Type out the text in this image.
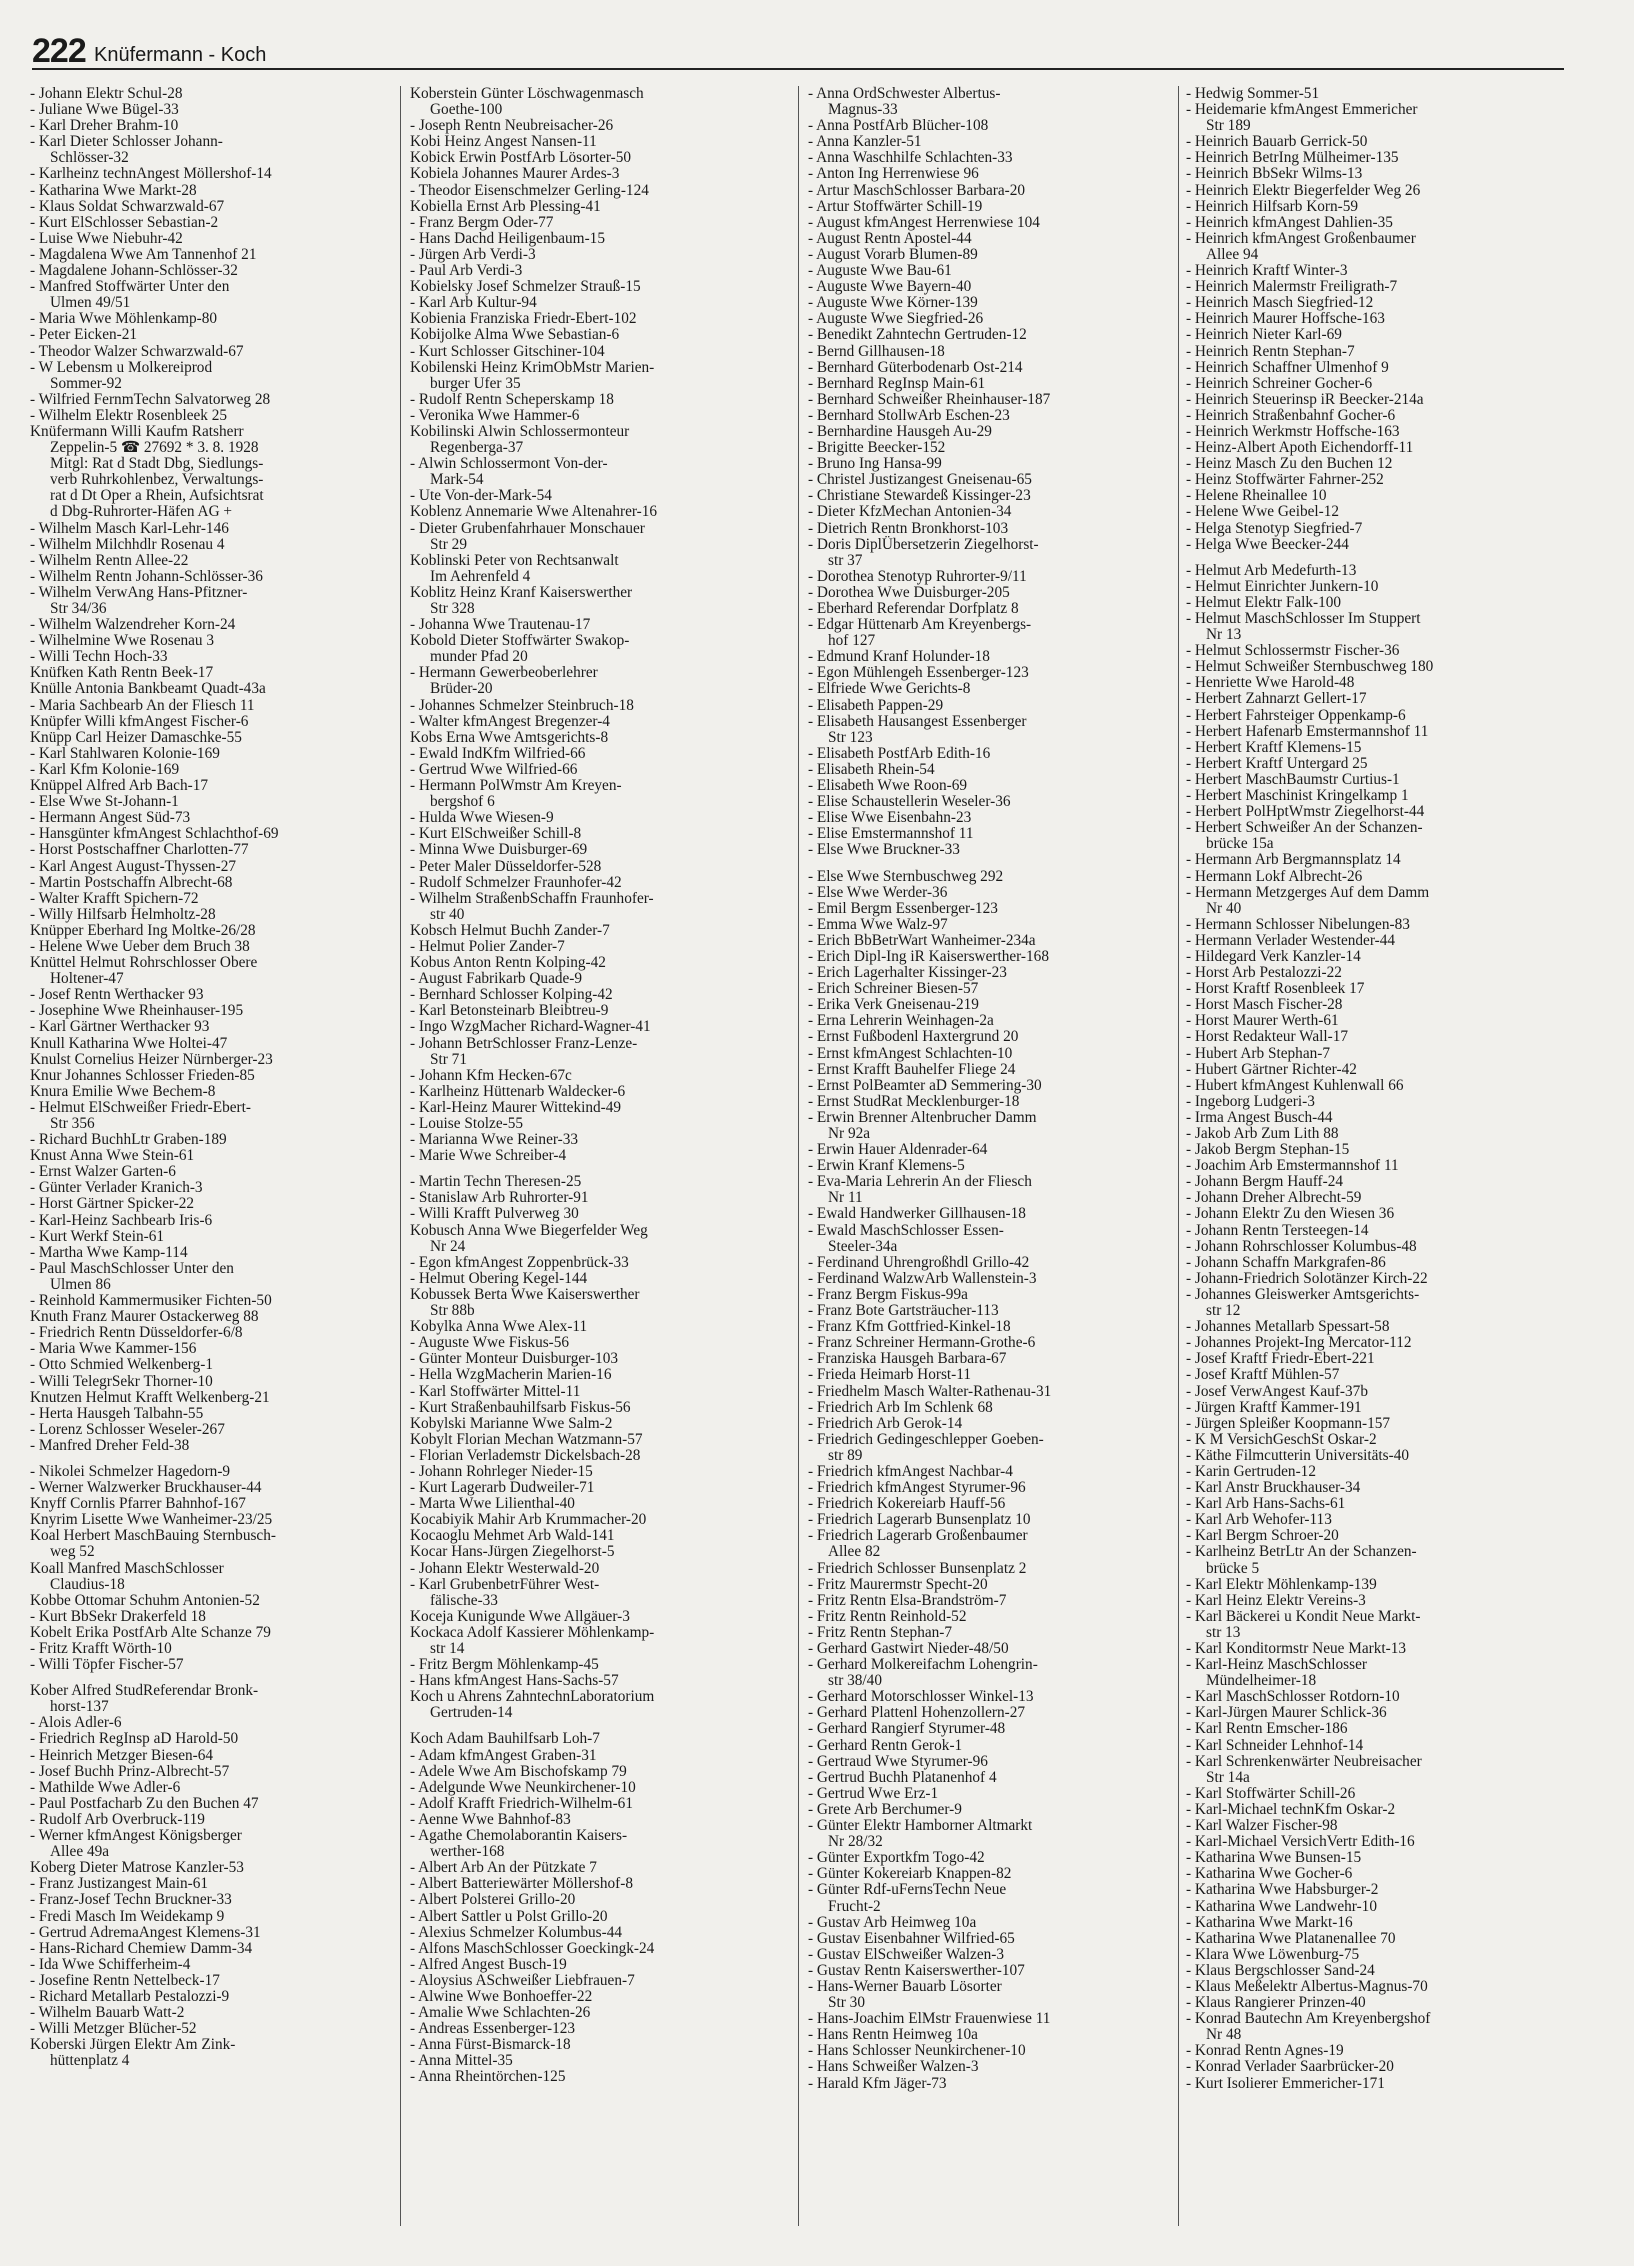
222 Knüfermann - Koch
- Johann Elektr Schul-28
- Juliane Wwe Bügel-33
- Karl Dreher Brahm-10
- Karl Dieter Schlosser Johann-
Schlösser-32
- Karlheinz technAngest Möllershof-14
- Katharina Wwe Markt-28
- Klaus Soldat Schwarzwald-67
- Kurt ElSchlosser Sebastian-2
- Luise Wwe Niebuhr-42
- Magdalena Wwe Am Tannenhof 21
- Magdalene Johann-Schlösser-32
- Manfred Stoffwärter Unter den
Ulmen 49/51
- Maria Wwe Möhlenkamp-80
- Peter Eicken-21
- Theodor Walzer Schwarzwald-67
- W Lebensm u Molkereiprod
Sommer-92
- Wilfried FernmTechn Salvatorweg 28
- Wilhelm Elektr Rosenbleek 25
Knüfermann Willi Kaufm Ratsherr
Zeppelin-5 ☎ 27692 * 3. 8. 1928
Mitgl: Rat d Stadt Dbg, Siedlungs-
verb Ruhrkohlenbez, Verwaltungs-
rat d Dt Oper a Rhein, Aufsichtsrat
d Dbg-Ruhrorter-Häfen AG +
- Wilhelm Masch Karl-Lehr-146
- Wilhelm Milchhdlr Rosenau 4
- Wilhelm Rentn Allee-22
- Wilhelm Rentn Johann-Schlösser-36
- Wilhelm VerwAng Hans-Pfitzner-
Str 34/36
- Wilhelm Walzendreher Korn-24
- Wilhelmine Wwe Rosenau 3
- Willi Techn Hoch-33
Knüfken Kath Rentn Beek-17
Knülle Antonia Bankbeamt Quadt-43a
- Maria Sachbearb An der Fliesch 11
Knüpfer Willi kfmAngest Fischer-6
Knüpp Carl Heizer Damaschke-55
- Karl Stahlwaren Kolonie-169
- Karl Kfm Kolonie-169
Knüppel Alfred Arb Bach-17
- Else Wwe St-Johann-1
- Hermann Angest Süd-73
- Hansgünter kfmAngest Schlachthof-69
- Horst Postschaffner Charlotten-77
- Karl Angest August-Thyssen-27
- Martin Postschaffn Albrecht-68
- Walter Krafft Spichern-72
- Willy Hilfsarb Helmholtz-28
Knüpper Eberhard Ing Moltke-26/28
- Helene Wwe Ueber dem Bruch 38
Knüttel Helmut Rohrschlosser Obere
Holtener-47
- Josef Rentn Werthacker 93
- Josephine Wwe Rheinhauser-195
- Karl Gärtner Werthacker 93
Knull Katharina Wwe Holtei-47
Knulst Cornelius Heizer Nürnberger-23
Knur Johannes Schlosser Frieden-85
Knura Emilie Wwe Bechem-8
- Helmut ElSchweißer Friedr-Ebert-
Str 356
- Richard BuchhLtr Graben-189
Knust Anna Wwe Stein-61
- Ernst Walzer Garten-6
- Günter Verlader Kranich-3
- Horst Gärtner Spicker-22
- Karl-Heinz Sachbearb Iris-6
- Kurt Werkf Stein-61
- Martha Wwe Kamp-114
- Paul MaschSchlosser Unter den
Ulmen 86
- Reinhold Kammermusiker Fichten-50
Knuth Franz Maurer Ostackerweg 88
- Friedrich Rentn Düsseldorfer-6/8
- Maria Wwe Kammer-156
- Otto Schmied Welkenberg-1
- Willi TelegrSekr Thorner-10
Knutzen Helmut Krafft Welkenberg-21
- Herta Hausgeh Talbahn-55
- Lorenz Schlosser Weseler-267
- Manfred Dreher Feld-38
- Nikolei Schmelzer Hagedorn-9
- Werner Walzwerker Bruckhauser-44
Knyff Cornlis Pfarrer Bahnhof-167
Knyrim Lisette Wwe Wanheimer-23/25
Koal Herbert MaschBauing Sternbusch-
weg 52
Koall Manfred MaschSchlosser
Claudius-18
Kobbe Ottomar Schuhm Antonien-52
- Kurt BbSekr Drakerfeld 18
Kobelt Erika PostfArb Alte Schanze 79
- Fritz Krafft Wörth-10
- Willi Töpfer Fischer-57
Kober Alfred StudReferendar Bronk-
horst-137
- Alois Adler-6
- Friedrich RegInsp aD Harold-50
- Heinrich Metzger Biesen-64
- Josef Buchh Prinz-Albrecht-57
- Mathilde Wwe Adler-6
- Paul Postfacharb Zu den Buchen 47
- Rudolf Arb Overbruck-119
- Werner kfmAngest Königsberger
Allee 49a
Koberg Dieter Matrose Kanzler-53
- Franz Justizangest Main-61
- Franz-Josef Techn Bruckner-33
- Fredi Masch Im Weidekamp 9
- Gertrud AdremaAngest Klemens-31
- Hans-Richard Chemiew Damm-34
- Ida Wwe Schifferheim-4
- Josefine Rentn Nettelbeck-17
- Richard Metallarb Pestalozzi-9
- Wilhelm Bauarb Watt-2
- Willi Metzger Blücher-52
Koberski Jürgen Elektr Am Zink-
hüttenplatz 4
Koberstein Günter Löschwagenmasch
Goethe-100
- Joseph Rentn Neubreisacher-26
Kobi Heinz Angest Nansen-11
Kobick Erwin PostfArb Lösorter-50
Kobiela Johannes Maurer Ardes-3
- Theodor Eisenschmelzer Gerling-124
Kobiella Ernst Arb Plessing-41
- Franz Bergm Oder-77
- Hans Dachd Heiligenbaum-15
- Jürgen Arb Verdi-3
- Paul Arb Verdi-3
Kobielsky Josef Schmelzer Strauß-15
- Karl Arb Kultur-94
Kobienia Franziska Friedr-Ebert-102
Kobijolke Alma Wwe Sebastian-6
- Kurt Schlosser Gitschiner-104
Kobilenski Heinz KrimObMstr Marien-
burger Ufer 35
- Rudolf Rentn Scheperskamp 18
- Veronika Wwe Hammer-6
Kobilinski Alwin Schlossermonteur
Regenberga-37
- Alwin Schlossermont Von-der-
Mark-54
- Ute Von-der-Mark-54
Koblenz Annemarie Wwe Altenahrer-16
- Dieter Grubenfahrhauer Monschauer
Str 29
Koblinski Peter von Rechtsanwalt
Im Aehrenfeld 4
Koblitz Heinz Kranf Kaiserswerther
Str 328
- Johanna Wwe Trautenau-17
Kobold Dieter Stoffwärter Swakop-
munder Pfad 20
- Hermann Gewerbeoberlehrer
Brüder-20
- Johannes Schmelzer Steinbruch-18
- Walter kfmAngest Bregenzer-4
Kobs Erna Wwe Amtsgerichts-8
- Ewald IndKfm Wilfried-66
- Gertrud Wwe Wilfried-66
- Hermann PolWmstr Am Kreyen-
bergshof 6
- Hulda Wwe Wiesen-9
- Kurt ElSchweißer Schill-8
- Minna Wwe Duisburger-69
- Peter Maler Düsseldorfer-528
- Rudolf Schmelzer Fraunhofer-42
- Wilhelm StraßenbSchaffn Fraunhofer-
str 40
Kobsch Helmut Buchh Zander-7
- Helmut Polier Zander-7
Kobus Anton Rentn Kolping-42
- August Fabrikarb Quade-9
- Bernhard Schlosser Kolping-42
- Karl Betonsteinarb Bleibtreu-9
- Ingo WzgMacher Richard-Wagner-41
- Johann BetrSchlosser Franz-Lenze-
Str 71
- Johann Kfm Hecken-67c
- Karlheinz Hüttenarb Waldecker-6
- Karl-Heinz Maurer Wittekind-49
- Louise Stolze-55
- Marianna Wwe Reiner-33
- Marie Wwe Schreiber-4
- Martin Techn Theresen-25
- Stanislaw Arb Ruhrorter-91
- Willi Krafft Pulverweg 30
Kobusch Anna Wwe Biegerfelder Weg
Nr 24
- Egon kfmAngest Zoppenbrück-33
- Helmut Obering Kegel-144
Kobussek Berta Wwe Kaiserswerther
Str 88b
Kobylka Anna Wwe Alex-11
- Auguste Wwe Fiskus-56
- Günter Monteur Duisburger-103
- Hella WzgMacherin Marien-16
- Karl Stoffwärter Mittel-11
- Kurt Straßenbauhilfsarb Fiskus-56
Kobylski Marianne Wwe Salm-2
Kobylt Florian Mechan Watzmann-57
- Florian Verlademstr Dickelsbach-28
- Johann Rohrleger Nieder-15
- Kurt Lagerarb Dudweiler-71
- Marta Wwe Lilienthal-40
Kocabiyik Mahir Arb Krummacher-20
Kocaoglu Mehmet Arb Wald-141
Kocar Hans-Jürgen Ziegelhorst-5
- Johann Elektr Westerwald-20
- Karl GrubenbetrFührer West-
fälische-33
Koceja Kunigunde Wwe Allgäuer-3
Kockaca Adolf Kassierer Möhlenkamp-
str 14
- Fritz Bergm Möhlenkamp-45
- Hans kfmAngest Hans-Sachs-57
Koch u Ahrens ZahntechnLaboratorium
Gertruden-14
Koch Adam Bauhilfsarb Loh-7
- Adam kfmAngest Graben-31
- Adele Wwe Am Bischofskamp 79
- Adelgunde Wwe Neunkirchener-10
- Adolf Krafft Friedrich-Wilhelm-61
- Aenne Wwe Bahnhof-83
- Agathe Chemolaborantin Kaisers-
werther-168
- Albert Arb An der Pützkate 7
- Albert Batteriewärter Möllershof-8
- Albert Polsterei Grillo-20
- Albert Sattler u Polst Grillo-20
- Alexius Schmelzer Kolumbus-44
- Alfons MaschSchlosser Goeckingk-24
- Alfred Angest Busch-19
- Aloysius ASchweißer Liebfrauen-7
- Alwine Wwe Bonhoeffer-22
- Amalie Wwe Schlachten-26
- Andreas Essenberger-123
- Anna Fürst-Bismarck-18
- Anna Mittel-35
- Anna Rheintörchen-125
- Anna OrdSchwester Albertus-
Magnus-33
- Anna PostfArb Blücher-108
- Anna Kanzler-51
- Anna Waschhilfe Schlachten-33
- Anton Ing Herrenwiese 96
- Artur MaschSchlosser Barbara-20
- Artur Stoffwärter Schill-19
- August kfmAngest Herrenwiese 104
- August Rentn Apostel-44
- August Vorarb Blumen-89
- Auguste Wwe Bau-61
- Auguste Wwe Bayern-40
- Auguste Wwe Körner-139
- Auguste Wwe Siegfried-26
- Benedikt Zahntechn Gertruden-12
- Bernd Gillhausen-18
- Bernhard Güterbodenarb Ost-214
- Bernhard RegInsp Main-61
- Bernhard Schweißer Rheinhauser-187
- Bernhard StollwArb Eschen-23
- Bernhardine Hausgeh Au-29
- Brigitte Beecker-152
- Bruno Ing Hansa-99
- Christel Justizangest Gneisenau-65
- Christiane Stewardeß Kissinger-23
- Dieter KfzMechan Antonien-34
- Dietrich Rentn Bronkhorst-103
- Doris DiplÜbersetzerin Ziegelhorst-
str 37
- Dorothea Stenotyp Ruhrorter-9/11
- Dorothea Wwe Duisburger-205
- Eberhard Referendar Dorfplatz 8
- Edgar Hüttenarb Am Kreyenbergs-
hof 127
- Edmund Kranf Holunder-18
- Egon Mühlengeh Essenberger-123
- Elfriede Wwe Gerichts-8
- Elisabeth Pappen-29
- Elisabeth Hausangest Essenberger
Str 123
- Elisabeth PostfArb Edith-16
- Elisabeth Rhein-54
- Elisabeth Wwe Roon-69
- Elise Schaustellerin Weseler-36
- Elise Wwe Eisenbahn-23
- Elise Emstermannshof 11
- Else Wwe Bruckner-33
- Else Wwe Sternbuschweg 292
- Else Wwe Werder-36
- Emil Bergm Essenberger-123
- Emma Wwe Walz-97
- Erich BbBetrWart Wanheimer-234a
- Erich Dipl-Ing iR Kaiserswerther-168
- Erich Lagerhalter Kissinger-23
- Erich Schreiner Biesen-57
- Erika Verk Gneisenau-219
- Erna Lehrerin Weinhagen-2a
- Ernst Fußbodenl Haxtergrund 20
- Ernst kfmAngest Schlachten-10
- Ernst Krafft Bauhelfer Fliege 24
- Ernst PolBeamter aD Semmering-30
- Ernst StudRat Mecklenburger-18
- Erwin Brenner Altenbrucher Damm
Nr 92a
- Erwin Hauer Aldenrader-64
- Erwin Kranf Klemens-5
- Eva-Maria Lehrerin An der Fliesch
Nr 11
- Ewald Handwerker Gillhausen-18
- Ewald MaschSchlosser Essen-
Steeler-34a
- Ferdinand Uhrengroßhdl Grillo-42
- Ferdinand WalzwArb Wallenstein-3
- Franz Bergm Fiskus-99a
- Franz Bote Gartsträucher-113
- Franz Kfm Gottfried-Kinkel-18
- Franz Schreiner Hermann-Grothe-6
- Franziska Hausgeh Barbara-67
- Frieda Heimarb Horst-11
- Friedhelm Masch Walter-Rathenau-31
- Friedrich Arb Im Schlenk 68
- Friedrich Arb Gerok-14
- Friedrich Gedingeschlepper Goeben-
str 89
- Friedrich kfmAngest Nachbar-4
- Friedrich kfmAngest Styrumer-96
- Friedrich Kokereiarb Hauff-56
- Friedrich Lagerarb Bunsenplatz 10
- Friedrich Lagerarb Großenbaumer
Allee 82
- Friedrich Schlosser Bunsenplatz 2
- Fritz Maurermstr Specht-20
- Fritz Rentn Elsa-Brandström-7
- Fritz Rentn Reinhold-52
- Fritz Rentn Stephan-7
- Gerhard Gastwirt Nieder-48/50
- Gerhard Molkereifachm Lohengrin-
str 38/40
- Gerhard Motorschlosser Winkel-13
- Gerhard Plattenl Hohenzollern-27
- Gerhard Rangierf Styrumer-48
- Gerhard Rentn Gerok-1
- Gertraud Wwe Styrumer-96
- Gertrud Buchh Platanenhof 4
- Gertrud Wwe Erz-1
- Grete Arb Berchumer-9
- Günter Elektr Hamborner Altmarkt
Nr 28/32
- Günter Exportkfm Togo-42
- Günter Kokereiarb Knappen-82
- Günter Rdf-uFernsTechn Neue
Frucht-2
- Gustav Arb Heimweg 10a
- Gustav Eisenbahner Wilfried-65
- Gustav ElSchweißer Walzen-3
- Gustav Rentn Kaiserswerther-107
- Hans-Werner Bauarb Lösorter
Str 30
- Hans-Joachim ElMstr Frauenwiese 11
- Hans Rentn Heimweg 10a
- Hans Schlosser Neunkirchener-10
- Hans Schweißer Walzen-3
- Harald Kfm Jäger-73
- Hedwig Sommer-51
- Heidemarie kfmAngest Emmericher
Str 189
- Heinrich Bauarb Gerrick-50
- Heinrich BetrIng Mülheimer-135
- Heinrich BbSekr Wilms-13
- Heinrich Elektr Biegerfelder Weg 26
- Heinrich Hilfsarb Korn-59
- Heinrich kfmAngest Dahlien-35
- Heinrich kfmAngest Großenbaumer
Allee 94
- Heinrich Kraftf Winter-3
- Heinrich Malermstr Freiligrath-7
- Heinrich Masch Siegfried-12
- Heinrich Maurer Hoffsche-163
- Heinrich Nieter Karl-69
- Heinrich Rentn Stephan-7
- Heinrich Schaffner Ulmenhof 9
- Heinrich Schreiner Gocher-6
- Heinrich Steuerinsp iR Beecker-214a
- Heinrich Straßenbahnf Gocher-6
- Heinrich Werkmstr Hoffsche-163
- Heinz-Albert Apoth Eichendorff-11
- Heinz Masch Zu den Buchen 12
- Heinz Stoffwärter Fahrner-252
- Helene Rheinallee 10
- Helene Wwe Geibel-12
- Helga Stenotyp Siegfried-7
- Helga Wwe Beecker-244
- Helmut Arb Medefurth-13
- Helmut Einrichter Junkern-10
- Helmut Elektr Falk-100
- Helmut MaschSchlosser Im Stuppert
Nr 13
- Helmut Schlossermstr Fischer-36
- Helmut Schweißer Sternbuschweg 180
- Henriette Wwe Harold-48
- Herbert Zahnarzt Gellert-17
- Herbert Fahrsteiger Oppenkamp-6
- Herbert Hafenarb Emstermannshof 11
- Herbert Kraftf Klemens-15
- Herbert Kraftf Untergard 25
- Herbert MaschBaumstr Curtius-1
- Herbert Maschinist Kringelkamp 1
- Herbert PolHptWmstr Ziegelhorst-44
- Herbert Schweißer An der Schanzen-
brücke 15a
- Hermann Arb Bergmannsplatz 14
- Hermann Lokf Albrecht-26
- Hermann Metzgerges Auf dem Damm
Nr 40
- Hermann Schlosser Nibelungen-83
- Hermann Verlader Westender-44
- Hildegard Verk Kanzler-14
- Horst Arb Pestalozzi-22
- Horst Kraftf Rosenbleek 17
- Horst Masch Fischer-28
- Horst Maurer Werth-61
- Horst Redakteur Wall-17
- Hubert Arb Stephan-7
- Hubert Gärtner Richter-42
- Hubert kfmAngest Kuhlenwall 66
- Ingeborg Ludgeri-3
- Irma Angest Busch-44
- Jakob Arb Zum Lith 88
- Jakob Bergm Stephan-15
- Joachim Arb Emstermannshof 11
- Johann Bergm Hauff-24
- Johann Dreher Albrecht-59
- Johann Elektr Zu den Wiesen 36
- Johann Rentn Tersteegen-14
- Johann Rohrschlosser Kolumbus-48
- Johann Schaffn Markgrafen-86
- Johann-Friedrich Solotänzer Kirch-22
- Johannes Gleiswerker Amtsgerichts-
str 12
- Johannes Metallarb Spessart-58
- Johannes Projekt-Ing Mercator-112
- Josef Kraftf Friedr-Ebert-221
- Josef Kraftf Mühlen-57
- Josef VerwAngest Kauf-37b
- Jürgen Kraftf Kammer-191
- Jürgen Spleißer Koopmann-157
- K M VersichGeschSt Oskar-2
- Käthe Filmcutterin Universitäts-40
- Karin Gertruden-12
- Karl Anstr Bruckhauser-34
- Karl Arb Hans-Sachs-61
- Karl Arb Wehofer-113
- Karl Bergm Schroer-20
- Karlheinz BetrLtr An der Schanzen-
brücke 5
- Karl Elektr Möhlenkamp-139
- Karl Heinz Elektr Vereins-3
- Karl Bäckerei u Kondit Neue Markt-
str 13
- Karl Konditormstr Neue Markt-13
- Karl-Heinz MaschSchlosser
Mündelheimer-18
- Karl MaschSchlosser Rotdorn-10
- Karl-Jürgen Maurer Schlick-36
- Karl Rentn Emscher-186
- Karl Schneider Lehnhof-14
- Karl Schrenkenwärter Neubreisacher
Str 14a
- Karl Stoffwärter Schill-26
- Karl-Michael technKfm Oskar-2
- Karl Walzer Fischer-98
- Karl-Michael VersichVertr Edith-16
- Katharina Wwe Bunsen-15
- Katharina Wwe Gocher-6
- Katharina Wwe Habsburger-2
- Katharina Wwe Landwehr-10
- Katharina Wwe Markt-16
- Katharina Wwe Platanenallee 70
- Klara Wwe Löwenburg-75
- Klaus Bergschlosser Sand-24
- Klaus Meßelektr Albertus-Magnus-70
- Klaus Rangierer Prinzen-40
- Konrad Bautechn Am Kreyenbergshof
Nr 48
- Konrad Rentn Agnes-19
- Konrad Verlader Saarbrücker-20
- Kurt Isolierer Emmericher-171
